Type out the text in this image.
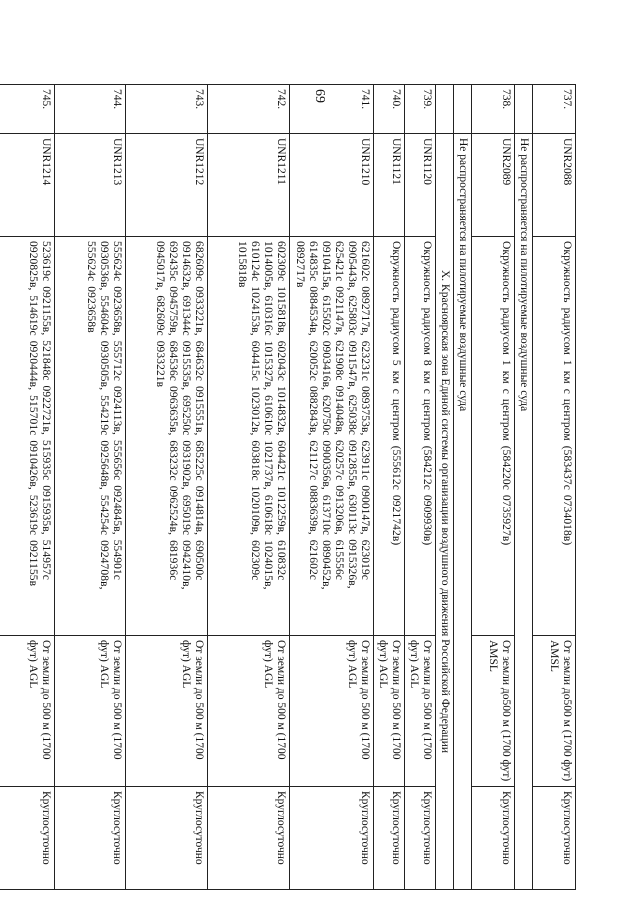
69	737.	UNR2088	Окружность радиусом 1 км с центром (583437с 0734018в)	От земли до500 м (1700 фут) AMSL	Круглосуточно
	Не распространяется на пилотируемые воздушные суда			
738.	UNR2089	Окружность радиусом 1 км с центром (584220с 0735927в)	От земли до500 м (1700 фут) AMSL	Круглосуточно
	Не распространяется на пилотируемые воздушные суда			
	X. Красноярская зона Единой системы организации воздушного движения Российской Федерации			
739.	UNR1120	Окружность радиусом 8 км с центром (584212с 0909930в)	От земли до 500 м (1700 фут) AGL	Круглосуточно
740.	UNR1121	Окружность радиусом 5 км с центром (555612с 0921742в)	От земли до 500 м (1700 фут) AGL	Круглосуточно
741.	UNR1210	621602с 0892717в, 623231с 0893753в, 623911с 0900147в, 623019с 0905443в, 625803с 0911547в, 625038с 0912855в, 630113с 0915326в, 625421с 0921147в, 621908с 0914048в, 620257с 0913206в, 615556с 0910415в, 615502с 0903416в, 620750с 0900356в, 613710с 0890452в, 614835с 0884534в, 620052с 0882843в, 621127с 0883639в, 621602с 0892717в	От земли до 500 м (1700 фут) AGL	Круглосуточно
742.	UNR1211	602309с 1015818в, 602043с 1014832в, 604421с 1012259в, 610832с 1014005в, 610316с 1015327в, 610610с 1021737в, 610618с 1024015в, 610124с 1024153в, 604415с 1023012в, 603818с 1020109в, 602309с 1015818в	От земли до 500 м (1700 фут) AGL	Круглосуточно
743.	UNR1212	682609с 0933221в, 684632с 0915551в, 685225с 0914814в, 690500с 0914632в, 691344с 0915535в, 695250с 0931902в, 695019с 0942410в, 692435с 0945759в, 684536с 0963635в, 683232с 0962524в, 681936с 0945017в, 682609с 0933221в	От земли до 500 м (1700 фут) AGL	Круглосуточно
744.	UNR1213	555624с 0923658в, 555712с 0924113в, 555656с 0924845в, 554901с 0930536в, 554604с 0930505в, 554219с 0925648в, 554254с 0924708в, 555624с 0923658в	От земли до 500 м (1700 фут) AGL	Круглосуточно
745.	UNR1214	523619с 0921155в, 521848с 0922721в, 515935с 0915935в, 514957с 0920825в, 514619с 0920444в, 515701с 0910426в, 523619с 0921155в	От земли до 500 м (1700 фут) AGL	Круглосуточно
